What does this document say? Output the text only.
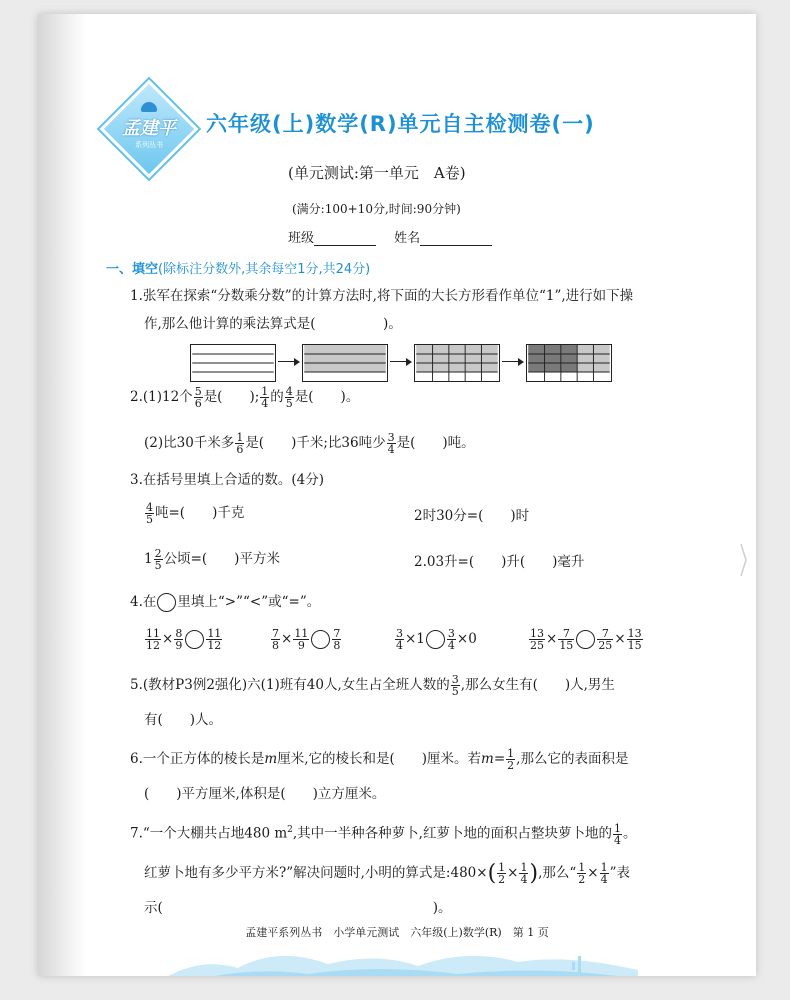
孟建平
系列丛书
六年级(上)数学(R)单元自主检测卷(一)
(单元测试:第一单元　A卷)
(满分:100+10分,时间:90分钟)
班级	姓名
一、填空(除标注分数外,其余每空1分,共24分)
1.张军在探索“分数乘分数”的计算方法时,将下面的大长方形看作单位“1”,进行如下操
作,那么他计算的乘法算式是(　　　　　)。
2.(1)12个 $\frac{5}{6}$ 是(　　); $\frac{1}{4}$ 的 $\frac{4}{5}$ 是(　　)。
(2)比30千米多 $\frac{1}{6}$ 是(　　)千米;比36吨少 $\frac{3}{4}$ 是(　　)吨。
3.在括号里填上合适的数。(4分)
$\frac{4}{5}$ 吨=(　　)千克	2时30分=(　　)时
$1 \frac{2}{5}$ 公顷=(　　)平方米	2.03升=(　　)升(　　)毫升
4.在 里填上“>”“<”或“=”。
$\frac{11}{12} \times \frac{8}{9} \frac{11}{12}$	$\frac{7}{8} \times \frac{11}{9} \frac{7}{8}$	$\frac{3}{4} \times 1 \frac{3}{4} \times 0$	$\frac{13}{25} \times \frac{7}{15} \frac{7}{25} \times \frac{13}{15}$
5.(教材P3例2强化)六(1)班有40人,女生占全班人数的 $\frac{3}{5}$ ,那么女生有(　　)人,男生
有(　　)人。
6.一个正方体的棱长是m厘米,它的棱长和是(　　)厘米。若$m= \frac{1}{2}$ ,那么它的表面积是
(　　)平方厘米,体积是(　　)立方厘米。
7.“一个大棚共占地480 $m^2$,其中一半种各种萝卜,红萝卜地的面积占整块萝卜地的 $\frac{1}{4}$ 。
红萝卜地有多少平方米?”解决问题时,小明的算式是:480×( $\frac{1}{2} \times \frac{1}{4}$ ),那么“ $\frac{1}{2} \times \frac{1}{4}$ ”表
示(　　　　　　　　　　　　　　　　　　　　)。
孟建平系列丛书　小学单元测试　六年级(上)数学(R)　第 1 页
